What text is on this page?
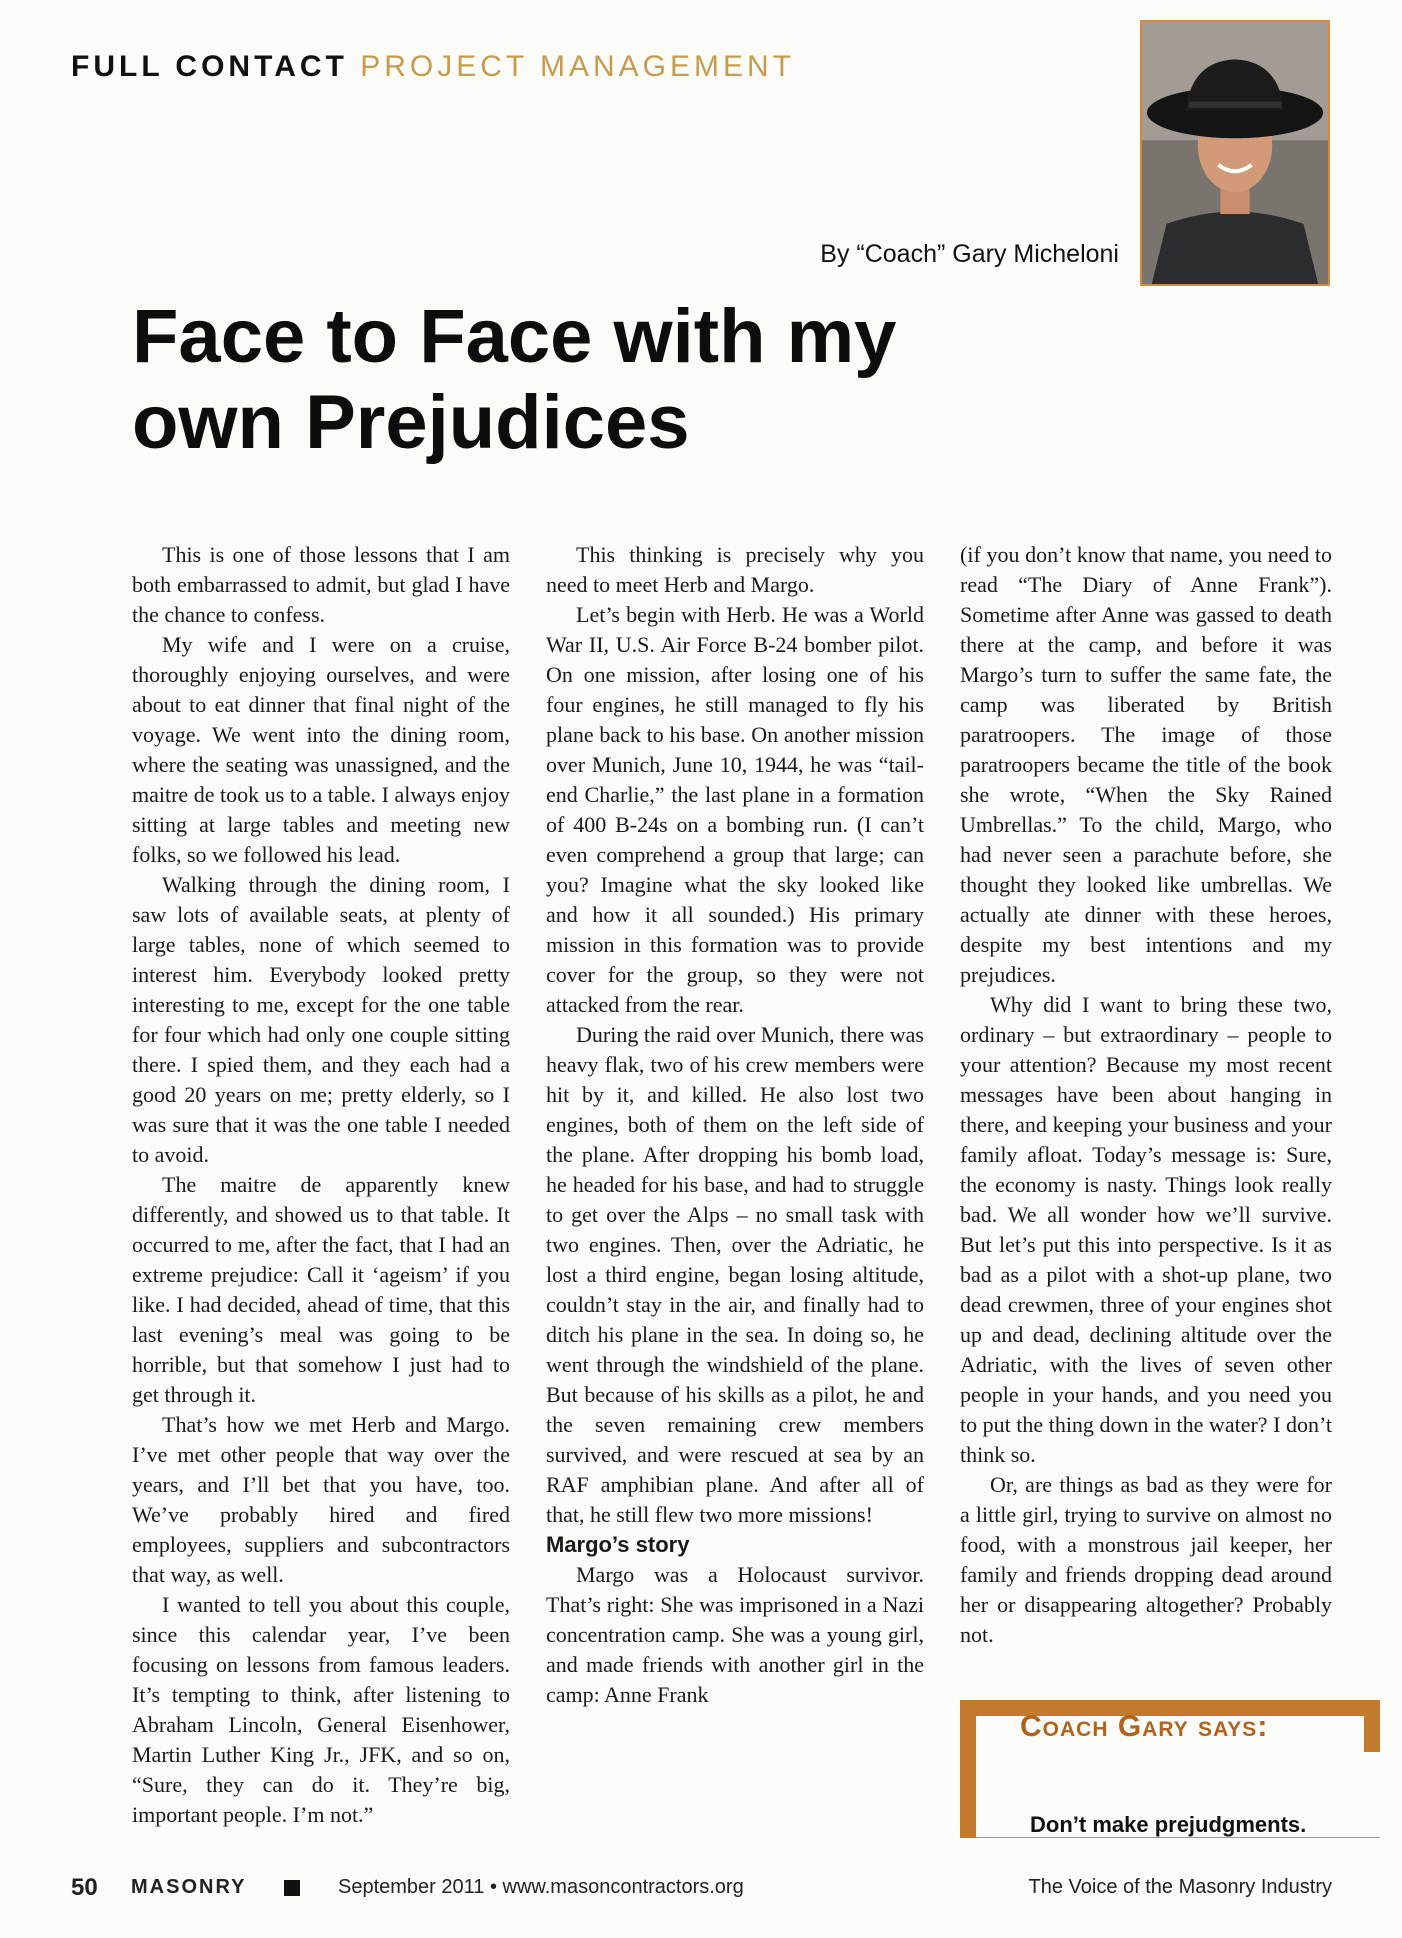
FULL CONTACT PROJECT MANAGEMENT
By “Coach” Gary Micheloni
Face to Face with my
own Prejudices

This is one of those lessons that I am both embarrassed to admit, but glad I have the chance to confess.

My wife and I were on a cruise, thoroughly enjoying ourselves, and were about to eat dinner that final night of the voyage. We went into the dining room, where the seating was unassigned, and the maitre de took us to a table. I always enjoy sitting at large tables and meeting new folks, so we followed his lead.

Walking through the dining room, I saw lots of available seats, at plenty of large tables, none of which seemed to interest him. Everybody looked pretty interesting to me, except for the one table for four which had only one couple sitting there. I spied them, and they each had a good 20 years on me; pretty elderly, so I was sure that it was the one table I needed to avoid.

The maitre de apparently knew differently, and showed us to that table. It occurred to me, after the fact, that I had an extreme prejudice: Call it ‘ageism’ if you like. I had decided, ahead of time, that this last evening’s meal was going to be horrible, but that somehow I just had to get through it.

That’s how we met Herb and Margo. I’ve met other people that way over the years, and I’ll bet that you have, too. We’ve probably hired and fired employees, suppliers and subcontractors that way, as well.

I wanted to tell you about this couple, since this calendar year, I’ve been focusing on lessons from famous leaders. It’s tempting to think, after listening to Abraham Lincoln, General Eisenhower, Martin Luther King Jr., JFK, and so on, “Sure, they can do it. They’re big, important people. I’m not.”

This thinking is precisely why you need to meet Herb and Margo.

Let’s begin with Herb. He was a World War II, U.S. Air Force B-24 bomber pilot. On one mission, after losing one of his four engines, he still managed to fly his plane back to his base. On another mission over Munich, June 10, 1944, he was “tail-end Charlie,” the last plane in a formation of 400 B-24s on a bombing run. (I can’t even comprehend a group that large; can you? Imagine what the sky looked like and how it all sounded.) His primary mission in this formation was to provide cover for the group, so they were not attacked from the rear.

During the raid over Munich, there was heavy flak, two of his crew members were hit by it, and killed. He also lost two engines, both of them on the left side of the plane. After dropping his bomb load, he headed for his base, and had to struggle to get over the Alps – no small task with two engines. Then, over the Adriatic, he lost a third engine, began losing altitude, couldn’t stay in the air, and finally had to ditch his plane in the sea. In doing so, he went through the windshield of the plane. But because of his skills as a pilot, he and the seven remaining crew members survived, and were rescued at sea by an RAF amphibian plane. And after all of that, he still flew two more missions!

Margo’s story

Margo was a Holocaust survivor. That’s right: She was imprisoned in a Nazi concentration camp. She was a young girl, and made friends with another girl in the camp: Anne Frank

(if you don’t know that name, you need to read “The Diary of Anne Frank”). Sometime after Anne was gassed to death there at the camp, and before it was Margo’s turn to suffer the same fate, the camp was liberated by British paratroopers. The image of those paratroopers became the title of the book she wrote, “When the Sky Rained Umbrellas.” To the child, Margo, who had never seen a parachute before, she thought they looked like umbrellas. We actually ate dinner with these heroes, despite my best intentions and my prejudices.

Why did I want to bring these two, ordinary – but extraordinary – people to your attention? Because my most recent messages have been about hanging in there, and keeping your business and your family afloat. Today’s message is: Sure, the economy is nasty. Things look really bad. We all wonder how we’ll survive. But let’s put this into perspective. Is it as bad as a pilot with a shot-up plane, two dead crewmen, three of your engines shot up and dead, declining altitude over the Adriatic, with the lives of seven other people in your hands, and you need you to put the thing down in the water? I don’t think so.

Or, are things as bad as they were for a little girl, trying to survive on almost no food, with a monstrous jail keeper, her family and friends dropping dead around her or disappearing altogether? Probably not.

Coach Gary says:
Don’t make prejudgments.
50 MASONRY	September 2011 • www.masoncontractors.org	The Voice of the Masonry Industry
